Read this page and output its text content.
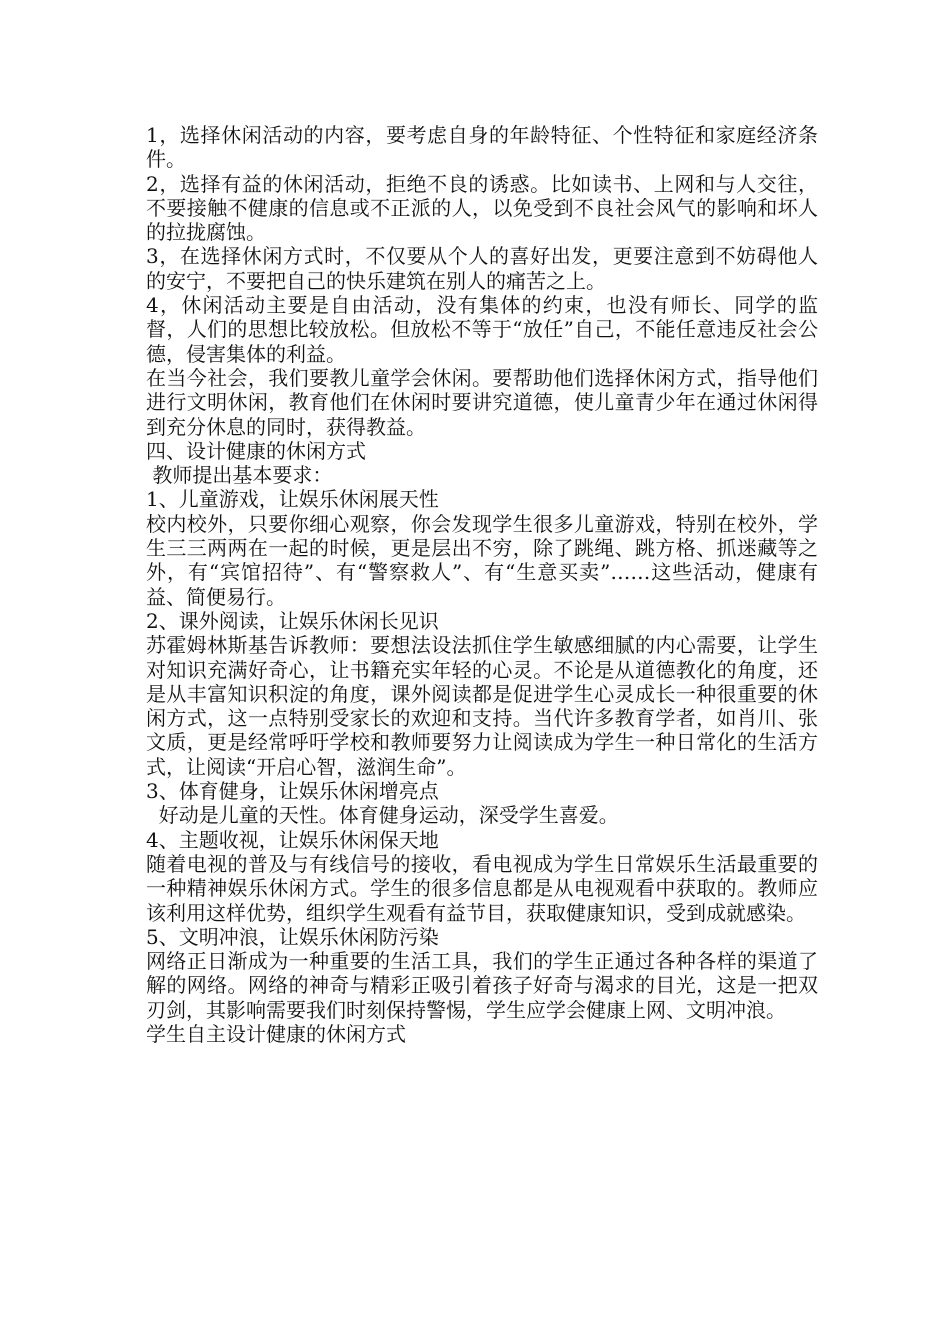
1，选择休闲活动的内容，要考虑自身的年龄特征、个性特征和家庭经济条件。

2，选择有益的休闲活动，拒绝不良的诱惑。比如读书、上网和与人交往，不要接触不健康的信息或不正派的人，以免受到不良社会风气的影响和坏人的拉拢腐蚀。

3，在选择休闲方式时，不仅要从个人的喜好出发，更要注意到不妨碍他人的安宁，不要把自己的快乐建筑在别人的痛苦之上。

4，休闲活动主要是自由活动，没有集体的约束，也没有师长、同学的监督，人们的思想比较放松。但放松不等于“放任”自己，不能任意违反社会公德，侵害集体的利益。

在当今社会，我们要教儿童学会休闲。要帮助他们选择休闲方式，指导他们进行文明休闲，教育他们在休闲时要讲究道德，使儿童青少年在通过休闲得到充分休息的同时，获得教益。

四、设计健康的休闲方式

教师提出基本要求：

1、儿童游戏，让娱乐休闲展天性

校内校外，只要你细心观察，你会发现学生很多儿童游戏，特别在校外，学生三三两两在一起的时候，更是层出不穷，除了跳绳、跳方格、抓迷藏等之外，有“宾馆招待”、有“警察救人”、有“生意买卖”……这些活动，健康有益、简便易行。

2、课外阅读，让娱乐休闲长见识

苏霍姆林斯基告诉教师：要想法设法抓住学生敏感细腻的内心需要，让学生对知识充满好奇心，让书籍充实年轻的心灵。不论是从道德教化的角度，还是从丰富知识积淀的角度，课外阅读都是促进学生心灵成长一种很重要的休闲方式，这一点特别受家长的欢迎和支持。当代许多教育学者，如肖川、张文质，更是经常呼吁学校和教师要努力让阅读成为学生一种日常化的生活方式，让阅读“开启心智，滋润生命”。

3、体育健身，让娱乐休闲增亮点

好动是儿童的天性。体育健身运动，深受学生喜爱。

4、主题收视，让娱乐休闲保天地

随着电视的普及与有线信号的接收，看电视成为学生日常娱乐生活最重要的一种精神娱乐休闲方式。学生的很多信息都是从电视观看中获取的。教师应该利用这样优势，组织学生观看有益节目，获取健康知识，受到成就感染。

5、文明冲浪，让娱乐休闲防污染

网络正日渐成为一种重要的生活工具，我们的学生正通过各种各样的渠道了解的网络。网络的神奇与精彩正吸引着孩子好奇与渴求的目光，这是一把双刃剑，其影响需要我们时刻保持警惕，学生应学会健康上网、文明冲浪。

学生自主设计健康的休闲方式
